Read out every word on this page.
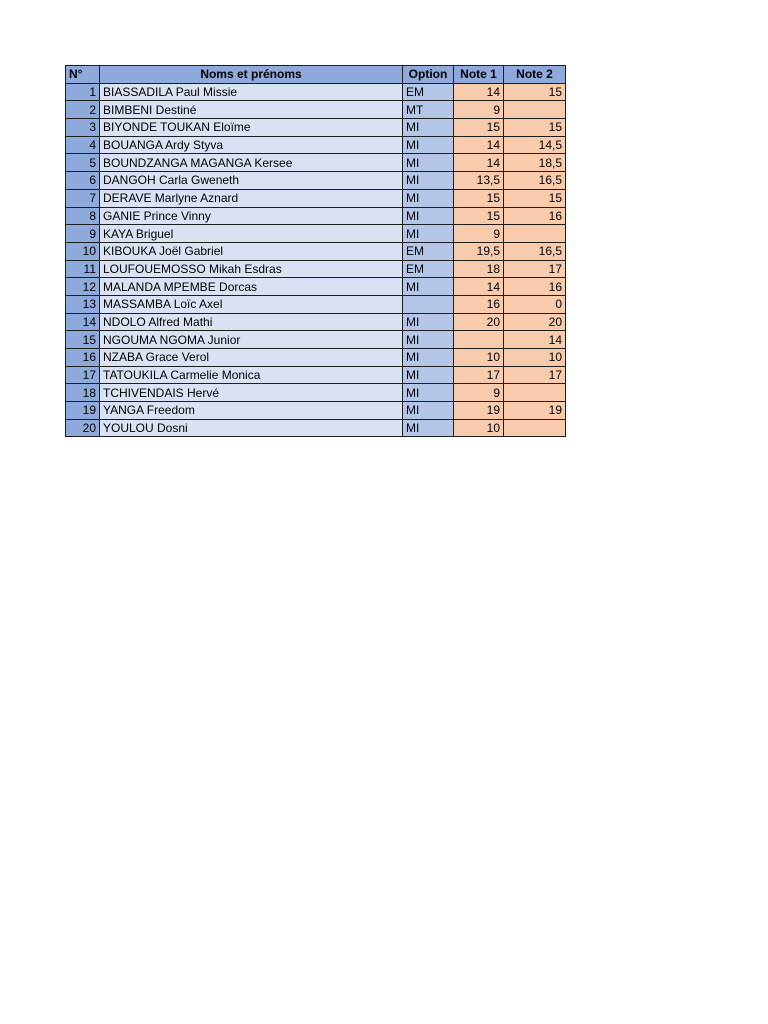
N°	Noms et prénoms	Option	Note 1	Note 2
1	BIASSADILA Paul Missie	EM	14	15
2	BIMBENI Destiné	MT	9	
3	BIYONDE TOUKAN Eloïme	MI	15	15
4	BOUANGA Ardy Styva	MI	14	14,5
5	BOUNDZANGA MAGANGA Kersee	MI	14	18,5
6	DANGOH Carla Gweneth	MI	13,5	16,5
7	DERAVE Marlyne Aznard	MI	15	15
8	GANIE Prince Vinny	MI	15	16
9	KAYA Briguel	MI	9	
10	KIBOUKA Joël Gabriel	EM	19,5	16,5
11	LOUFOUEMOSSO Mikah Esdras	EM	18	17
12	MALANDA MPEMBE Dorcas	MI	14	16
13	MASSAMBA Loïc Axel		16	0
14	NDOLO Alfred Mathi	MI	20	20
15	NGOUMA NGOMA Junior	MI		14
16	NZABA Grace Verol	MI	10	10
17	TATOUKILA Carmelie Monica	MI	17	17
18	TCHIVENDAIS Hervé	MI	9	
19	YANGA Freedom	MI	19	19
20	YOULOU Dosni	MI	10	
